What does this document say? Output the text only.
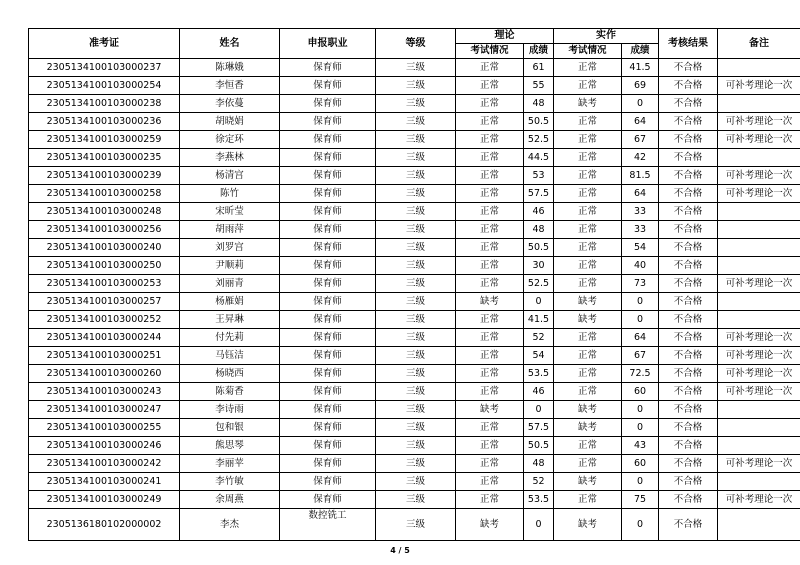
准考证	姓名	申报职业	等级	理论		实作		考核结果	备注
				考试情况	成绩	考试情况	成绩		
2305134100103000237	陈琳娥	保育师	三级	正常	61	正常	41.5	不合格	
2305134100103000254	李恒香	保育师	三级	正常	55	正常	69	不合格	可补考理论一次
2305134100103000238	李依蔓	保育师	三级	正常	48	缺考	0	不合格	
2305134100103000236	胡晓娟	保育师	三级	正常	50.5	正常	64	不合格	可补考理论一次
2305134100103000259	徐定环	保育师	三级	正常	52.5	正常	67	不合格	可补考理论一次
2305134100103000235	李燕林	保育师	三级	正常	44.5	正常	42	不合格	
2305134100103000239	杨清宫	保育师	三级	正常	53	正常	81.5	不合格	可补考理论一次
2305134100103000258	陈竹	保育师	三级	正常	57.5	正常	64	不合格	可补考理论一次
2305134100103000248	宋昕莹	保育师	三级	正常	46	正常	33	不合格	
2305134100103000256	胡雨萍	保育师	三级	正常	48	正常	33	不合格	
2305134100103000240	刘罗宫	保育师	三级	正常	50.5	正常	54	不合格	
2305134100103000250	尹顺莉	保育师	三级	正常	30	正常	40	不合格	
2305134100103000253	刘丽青	保育师	三级	正常	52.5	正常	73	不合格	可补考理论一次
2305134100103000257	杨雁娟	保育师	三级	缺考	0	缺考	0	不合格	
2305134100103000252	王昇琳	保育师	三级	正常	41.5	缺考	0	不合格	
2305134100103000244	付先莉	保育师	三级	正常	52	正常	64	不合格	可补考理论一次
2305134100103000251	马钰洁	保育师	三级	正常	54	正常	67	不合格	可补考理论一次
2305134100103000260	杨晓西	保育师	三级	正常	53.5	正常	72.5	不合格	可补考理论一次
2305134100103000243	陈菊香	保育师	三级	正常	46	正常	60	不合格	可补考理论一次
2305134100103000247	李诗雨	保育师	三级	缺考	0	缺考	0	不合格	
2305134100103000255	包和银	保育师	三级	正常	57.5	缺考	0	不合格	
2305134100103000246	熊思琴	保育师	三级	正常	50.5	正常	43	不合格	
2305134100103000242	李丽苹	保育师	三级	正常	48	正常	60	不合格	可补考理论一次
2305134100103000241	李竹敏	保育师	三级	正常	52	缺考	0	不合格	
2305134100103000249	余周燕	保育师	三级	正常	53.5	正常	75	不合格	可补考理论一次
2305136180102000002	李杰	数控铣工	三级	缺考	0	缺考	0	不合格	
4 / 5
